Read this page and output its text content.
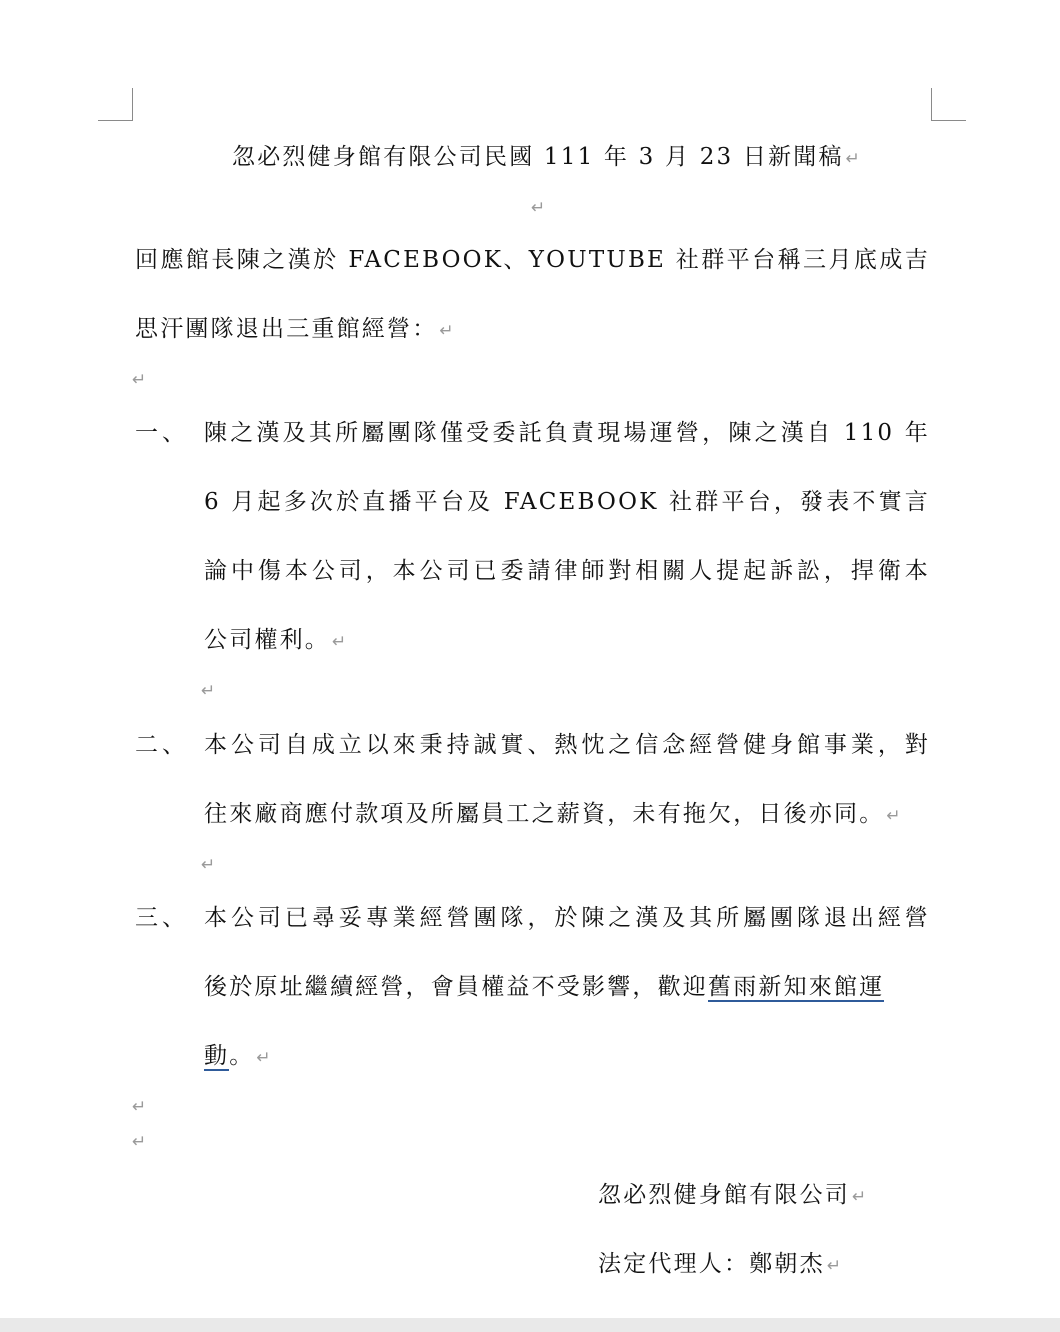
忽必烈健身館有限公司民國 111 年 3 月 23 日新聞稿 ↵
↵
回應館長陳之漢於 FACEBOOK、YOUTUBE 社群平台稱三月底成吉
思汗團隊退出三重館經營： ↵
↵
一、 陳之漢及其所屬團隊僅受委託負責現場運營，陳之漢自 110 年
6 月起多次於直播平台及 FACEBOOK 社群平台，發表不實言
論中傷本公司，本公司已委請律師對相關人提起訴訟，捍衛本
公司權利。 ↵
↵
二、 本公司自成立以來秉持誠實、熱忱之信念經營健身館事業，對
往來廠商應付款項及所屬員工之薪資，未有拖欠，日後亦同。 ↵
↵
三、 本公司已尋妥專業經營團隊，於陳之漢及其所屬團隊退出經營
後於原址繼續經營，會員權益不受影響，歡迎舊雨新知來館運
動。 ↵
↵
↵
忽必烈健身館有限公司 ↵
法定代理人：鄭朝杰 ↵
